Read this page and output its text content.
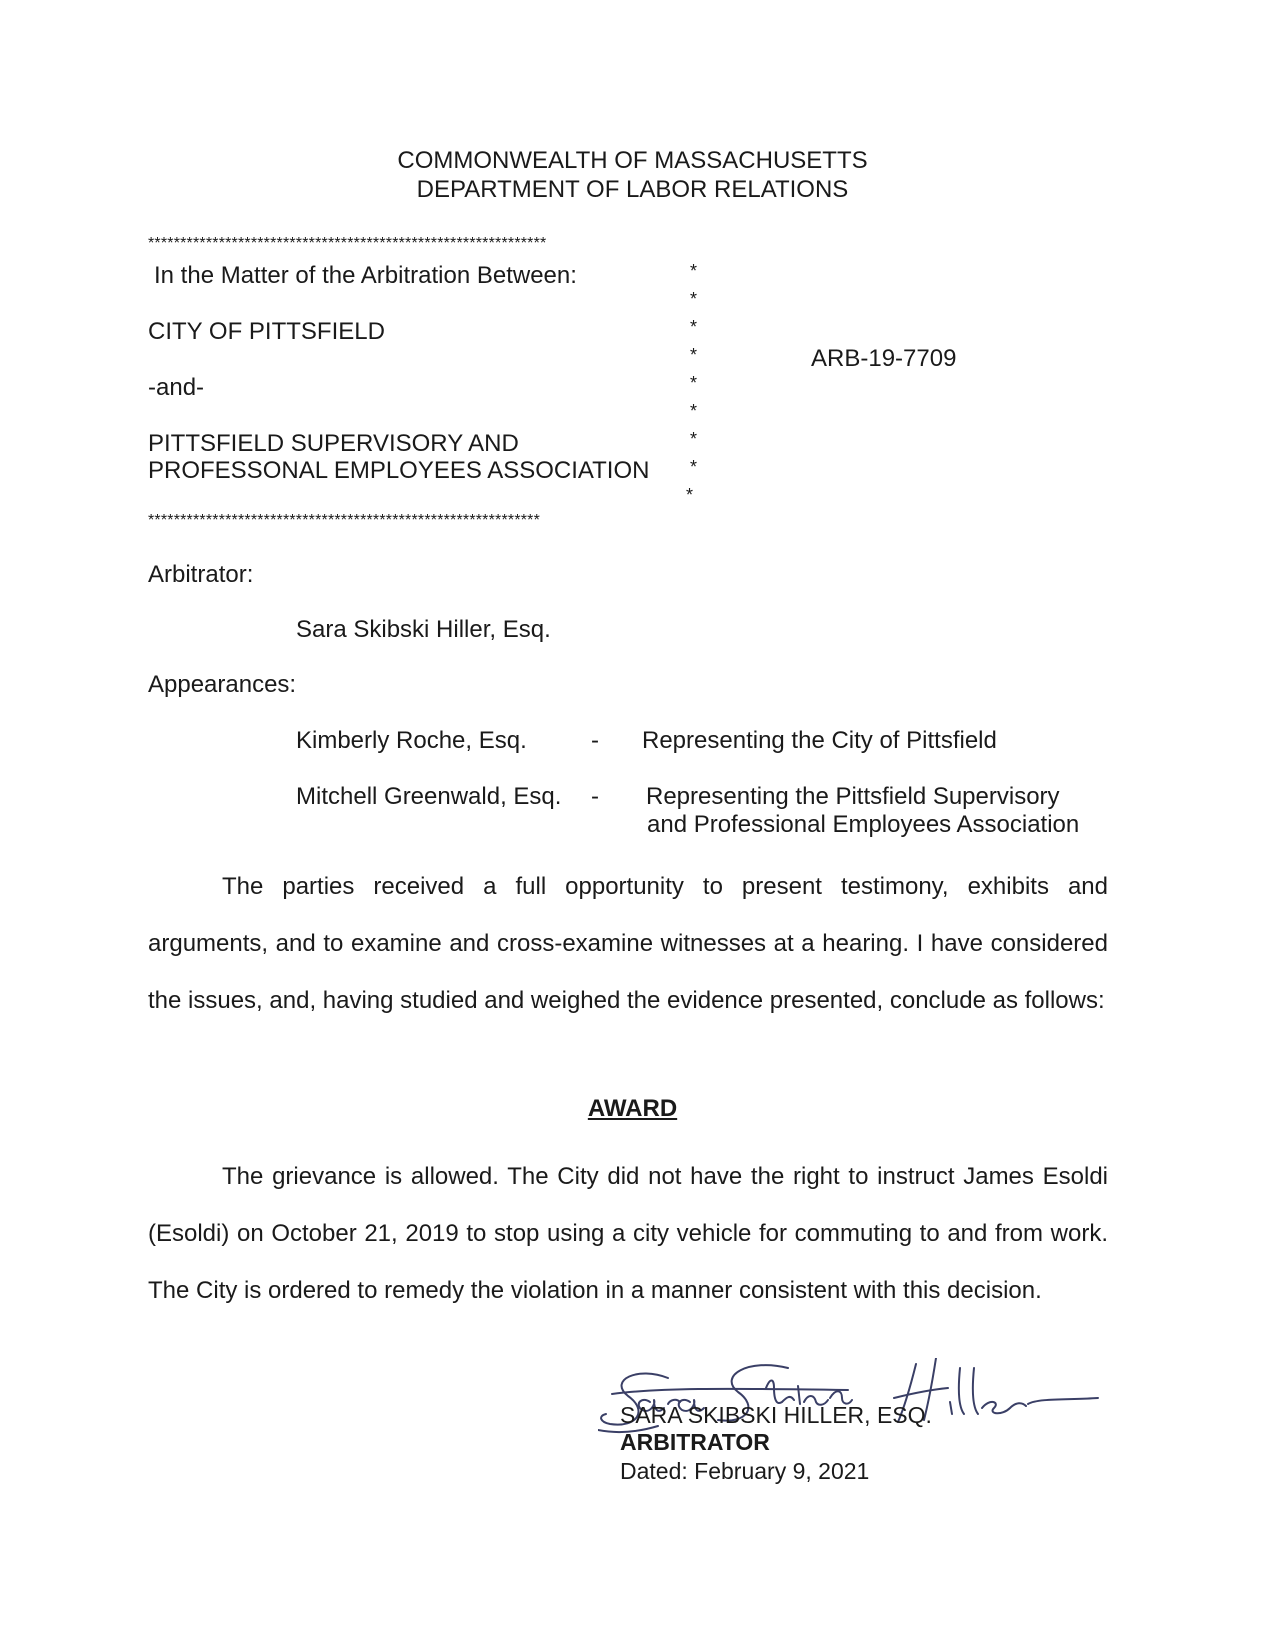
COMMONWEALTH OF MASSACHUSETTS
DEPARTMENT OF LABOR RELATIONS
**************************************************************
In the Matter of the Arbitration Between:
CITY OF PITTSFIELD
-and-
PITTSFIELD SUPERVISORY AND
PROFESSONAL EMPLOYEES ASSOCIATION
ARB-19-7709
*
*
*
*
*
*
*
*
*
*************************************************************
Arbitrator:
Sara Skibski Hiller, Esq.
Appearances:
Kimberly Roche, Esq.	- Representing the City of Pittsfield
Mitchell Greenwald, Esq. - Representing the Pittsfield Supervisory
and Professional Employees Association
The parties received a full opportunity to present testimony, exhibits and arguments, and to examine and cross-examine witnesses at a hearing. I have considered the issues, and, having studied and weighed the evidence presented, conclude as follows:
AWARD
The grievance is allowed. The City did not have the right to instruct James Esoldi (Esoldi) on October 21, 2019 to stop using a city vehicle for commuting to and from work. The City is ordered to remedy the violation in a manner consistent with this decision.
SARA SKIBSKI HILLER, ESQ.
ARBITRATOR
Dated: February 9, 2021
